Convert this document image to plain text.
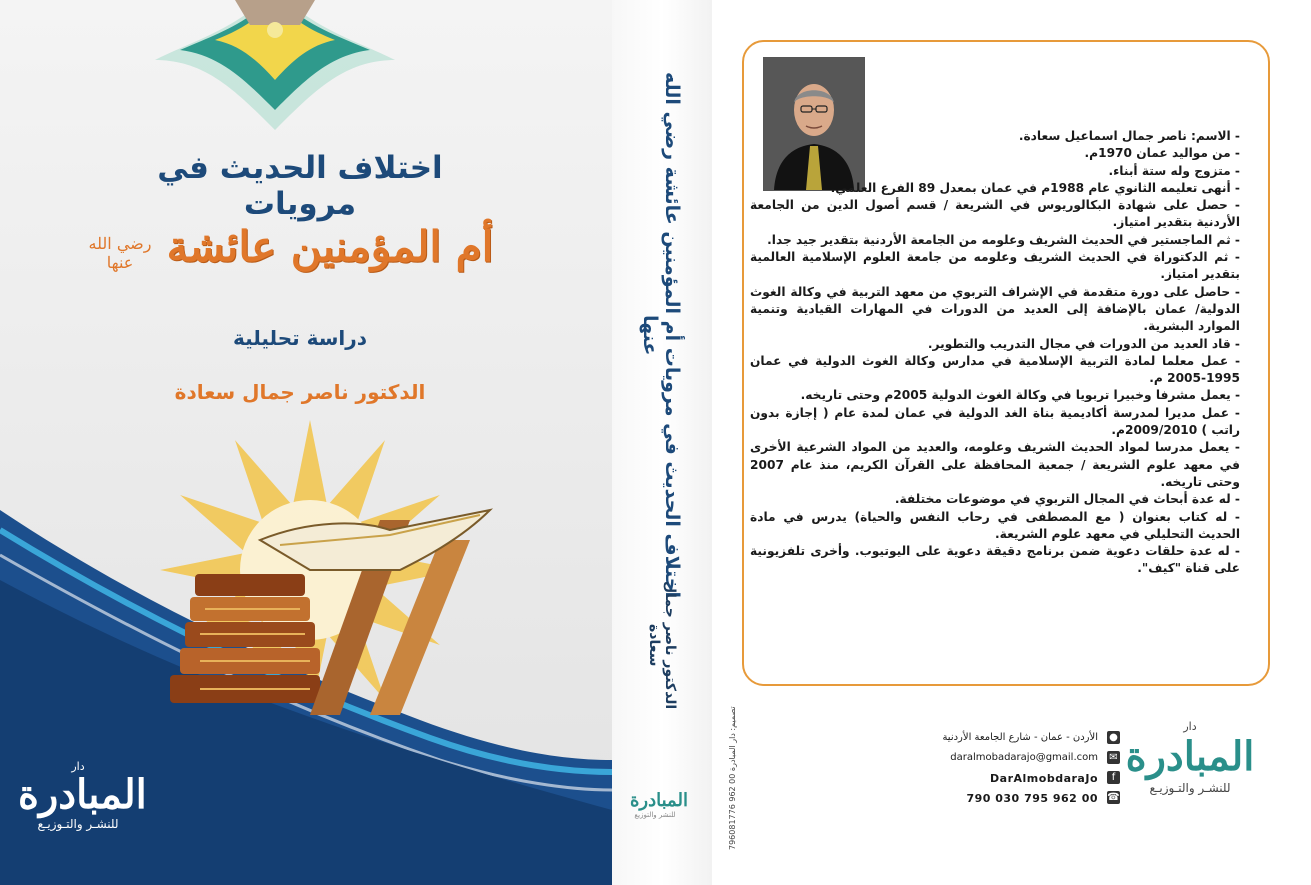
اختلاف الحديث في مرويات
رضي الله عنها أم المؤمنين عائشة
دراسة تحليلية
الدكتور ناصر جمال سعادة
دار
المبادرة
للنشـر والتـوزيـع
اختلاف الحديث في مرويات أم المؤمنين عائشة رضي الله عنها
الدكتور ناصر جمال سعادة
المبادرة
للنشر والتوزيع	تصميم: دار المبادرة 00 962 796081776

- الاسم: ناصر جمال اسماعيل سعادة.

- من مواليد عمان 1970م.

- متزوج وله ستة أبناء.

- أنهى تعليمه الثانوي عام 1988م في عمان بمعدل 89 الفرع العلمي.

- حصل على شهادة البكالوريوس في الشريعة / قسم أصول الدين من الجامعة الأردنية بتقدير امتياز.

- ثم الماجستير في الحديث الشريف وعلومه من الجامعة الأردنية بتقدير جيد جدا.

- ثم الدكتوراة في الحديث الشريف وعلومه من جامعة العلوم الإسلامية العالمية بتقدير امتياز.

- حاصل على دورة متقدمة في الإشراف التربوي من معهد التربية في وكالة الغوث الدولية/ عمان بالإضافة إلى العديد من الدورات في المهارات القيادية وتنمية الموارد البشرية.

- قاد العديد من الدورات في مجال التدريب والتطوير.

- عمل معلما لمادة التربية الإسلامية في مدارس وكالة الغوث الدولية في عمان 1995-2005 م.

- يعمل مشرفا وخبيرا تربويا في وكالة الغوث الدولية 2005م وحتى تاريخه.

- عمل مديرا لمدرسة أكاديمية بناة الغد الدولية في عمان لمدة عام ( إجازة بدون راتب ) 2009/2010م.

- يعمل مدرسا لمواد الحديث الشريف وعلومه، والعديد من المواد الشرعية الأخرى في معهد علوم الشريعة / جمعية المحافظة على القرآن الكريم، منذ عام 2007 وحتى تاريخه.

- له عدة أبحاث في المجال التربوي في موضوعات مختلفة.

- له كتاب بعنوان ( مع المصطفى في رحاب النفس والحياة) يدرس في مادة الحديث التحليلي في معهد علوم الشريعة.

- له عدة حلقات دعوية ضمن برنامج دقيقة دعوية على اليوتيوب. وأخرى تلفزيونية على قناة "كيف".

●
الأردن - عمان - شارع الجامعة الأردنية
✉
daralmobadarajo@gmail.com
f
DarAlmobdaraJo
☎
00 962 795 030 790
دار
المبادرة
للنشـر والتـوزيـع
